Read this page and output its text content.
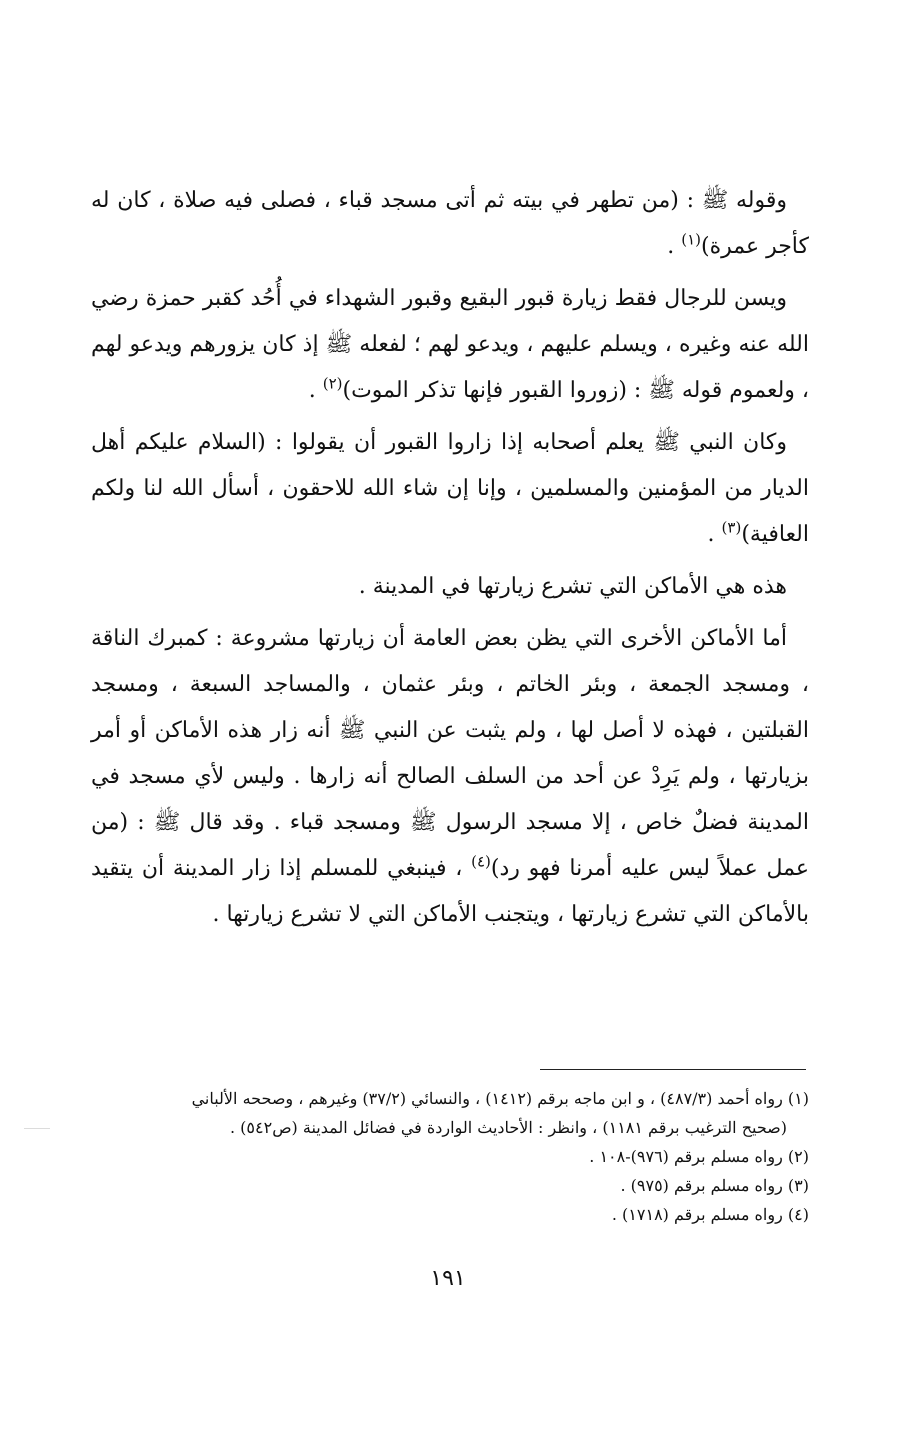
وقوله ﷺ : (من تطهر في بيته ثم أتى مسجد قباء ، فصلى فيه صلاة ، كان له كأجر عمرة)$^{(١)}$ .

ويسن للرجال فقط زيارة قبور البقيع وقبور الشهداء في أُحُد كقبر حمزة رضي الله عنه وغيره ، ويسلم عليهم ، ويدعو لهم ؛ لفعله ﷺ إذ كان يزورهم ويدعو لهم ، ولعموم قوله ﷺ : (زوروا القبور فإنها تذكر الموت)$^{(٢)}$ .

وكان النبي ﷺ يعلم أصحابه إذا زاروا القبور أن يقولوا : (السلام عليكم أهل الديار من المؤمنين والمسلمين ، وإنا إن شاء الله للاحقون ، أسأل الله لنا ولكم العافية)$^{(٣)}$ .

هذه هي الأماكن التي تشرع زيارتها في المدينة .

أما الأماكن الأخرى التي يظن بعض العامة أن زيارتها مشروعة : كمبرك الناقة ، ومسجد الجمعة ، وبئر الخاتم ، وبئر عثمان ، والمساجد السبعة ، ومسجد القبلتين ، فهذه لا أصل لها ، ولم يثبت عن النبي ﷺ أنه زار هذه الأماكن أو أمر بزيارتها ، ولم يَرِدْ عن أحد من السلف الصالح أنه زارها . وليس لأي مسجد في المدينة فضلٌ خاص ، إلا مسجد الرسول ﷺ ومسجد قباء . وقد قال ﷺ : (من عمل عملاً ليس عليه أمرنا فهو رد)$^{(٤)}$ ، فينبغي للمسلم إذا زار المدينة أن يتقيد بالأماكن التي تشرع زيارتها ، ويتجنب الأماكن التي لا تشرع زيارتها .

(١) رواه أحمد (٤٨٧/٣) ، و ابن ماجه برقم (١٤١٢) ، والنسائي (٣٧/٢) وغيرهم ، وصححه الألباني

(صحيح الترغيب برقم ١١٨١) ، وانظر : الأحاديث الواردة في فضائل المدينة (ص٥٤٢) .

(٢) رواه مسلم برقم (٩٧٦)-١٠٨ .

(٣) رواه مسلم برقم (٩٧٥) .

(٤) رواه مسلم برقم (١٧١٨) .

١٩١
